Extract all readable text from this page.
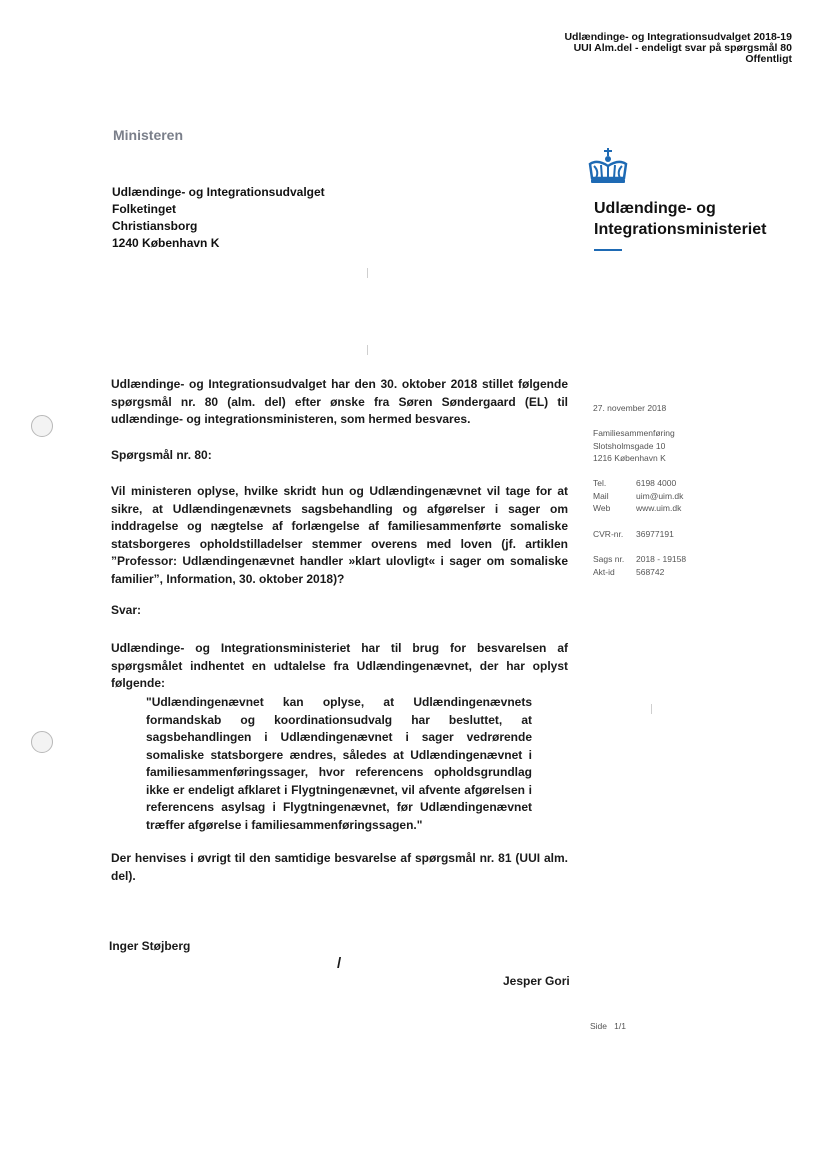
Udlændinge- og Integrationsudvalget 2018-19
UUI Alm.del - endeligt svar på spørgsmål 80
Offentligt
Ministeren
Udlændinge- og Integrationsudvalget
Folketinget
Christiansborg
1240 København K
Udlændinge- og
Integrationsministeriet
Udlændinge- og Integrationsudvalget har den 30. oktober 2018 stillet følgende spørgsmål nr. 80 (alm. del) efter ønske fra Søren Søndergaard (EL) til udlændinge- og integrationsministeren, som hermed besvares.
Spørgsmål nr. 80:
Vil ministeren oplyse, hvilke skridt hun og Udlændingenævnet vil tage for at sikre, at Udlændingenævnets sagsbehandling og afgørelser i sager om inddragelse og nægtelse af forlængelse af familiesammenførte somaliske statsborgeres opholdstilladelser stemmer overens med loven (jf. artiklen ”Professor: Udlændingenævnet handler »klart ulovligt« i sager om somaliske familier”, Information, 30. oktober 2018)?
Svar:
Udlændinge- og Integrationsministeriet har til brug for besvarelsen af spørgsmålet indhentet en udtalelse fra Udlændingenævnet, der har oplyst følgende:
"Udlændingenævnet kan oplyse, at Udlændingenævnets formandskab og koordinationsudvalg har besluttet, at sagsbehandlingen i Udlændingenævnet i sager vedrørende somaliske statsborgere ændres, således at Udlændingenævnet i familiesammenføringssager, hvor referencens opholdsgrundlag ikke er endeligt afklaret i Flygtningenævnet, vil afvente afgørelsen i referencens asylsag i Flygtningenævnet, før Udlændingenævnet træffer afgørelse i familiesammenføringssagen."
Der henvises i øvrigt til den samtidige besvarelse af spørgsmål nr. 81 (UUI alm. del).
Inger Støjberg
/
Jesper Gori
27. november 2018
Familiesammenføring
Slotsholmsgade 10
1216 København K
Tel.	6198 4000
Mail	uim@uim.dk
Web	www.uim.dk
CVR-nr.	36977191
Sags nr.	2018 - 19158
Akt-id	568742
Side 1/1
